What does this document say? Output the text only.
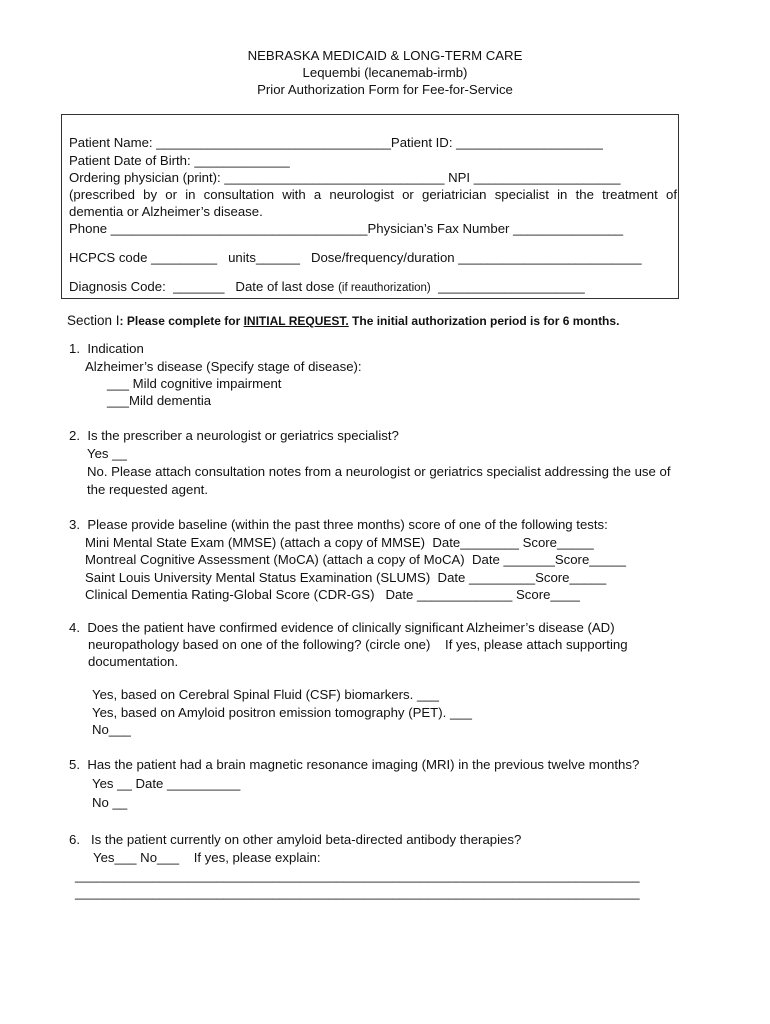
NEBRASKA MEDICAID & LONG-TERM CARE
Lequembi (lecanemab-irmb)
Prior Authorization Form for Fee-for-Service
Patient Name: ________________________________Patient ID: ____________________
Patient Date of Birth: _____________
Ordering physician (print): ______________________________ NPI ____________________
(prescribed by or in consultation with a neurologist or geriatrician specialist in the treatment of
dementia or Alzheimer’s disease.
Phone ___________________________________Physician’s Fax Number _______________
HCPCS code _________   units______   Dose/frequency/duration _________________________
Diagnosis Code:  _______   Date of last dose (if reauthorization)  ____________________
Section I: Please complete for INITIAL REQUEST. The initial authorization period is for 6 months.
1.  Indication
Alzheimer’s disease (Specify stage of disease):
___ Mild cognitive impairment
___Mild dementia
2.  Is the prescriber a neurologist or geriatrics specialist?
Yes __
No. Please attach consultation notes from a neurologist or geriatrics specialist addressing the use of
the requested agent.
3.  Please provide baseline (within the past three months) score of one of the following tests:
Mini Mental State Exam (MMSE) (attach a copy of MMSE)  Date________ Score_____
Montreal Cognitive Assessment (MoCA) (attach a copy of MoCA)  Date _______Score_____
Saint Louis University Mental Status Examination (SLUMS)  Date _________Score_____
Clinical Dementia Rating-Global Score (CDR-GS)   Date _____________ Score____
4.  Does the patient have confirmed evidence of clinically significant Alzheimer’s disease (AD)
neuropathology based on one of the following? (circle one)    If yes, please attach supporting
documentation.
Yes, based on Cerebral Spinal Fluid (CSF) biomarkers. ___
Yes, based on Amyloid positron emission tomography (PET). ___
No___
5.  Has the patient had a brain magnetic resonance imaging (MRI) in the previous twelve months?
Yes __ Date __________
No __
6.   Is the patient currently on other amyloid beta-directed antibody therapies?
Yes___ No___    If yes, please explain:
________________________________________________________________________________
________________________________________________________________________________
